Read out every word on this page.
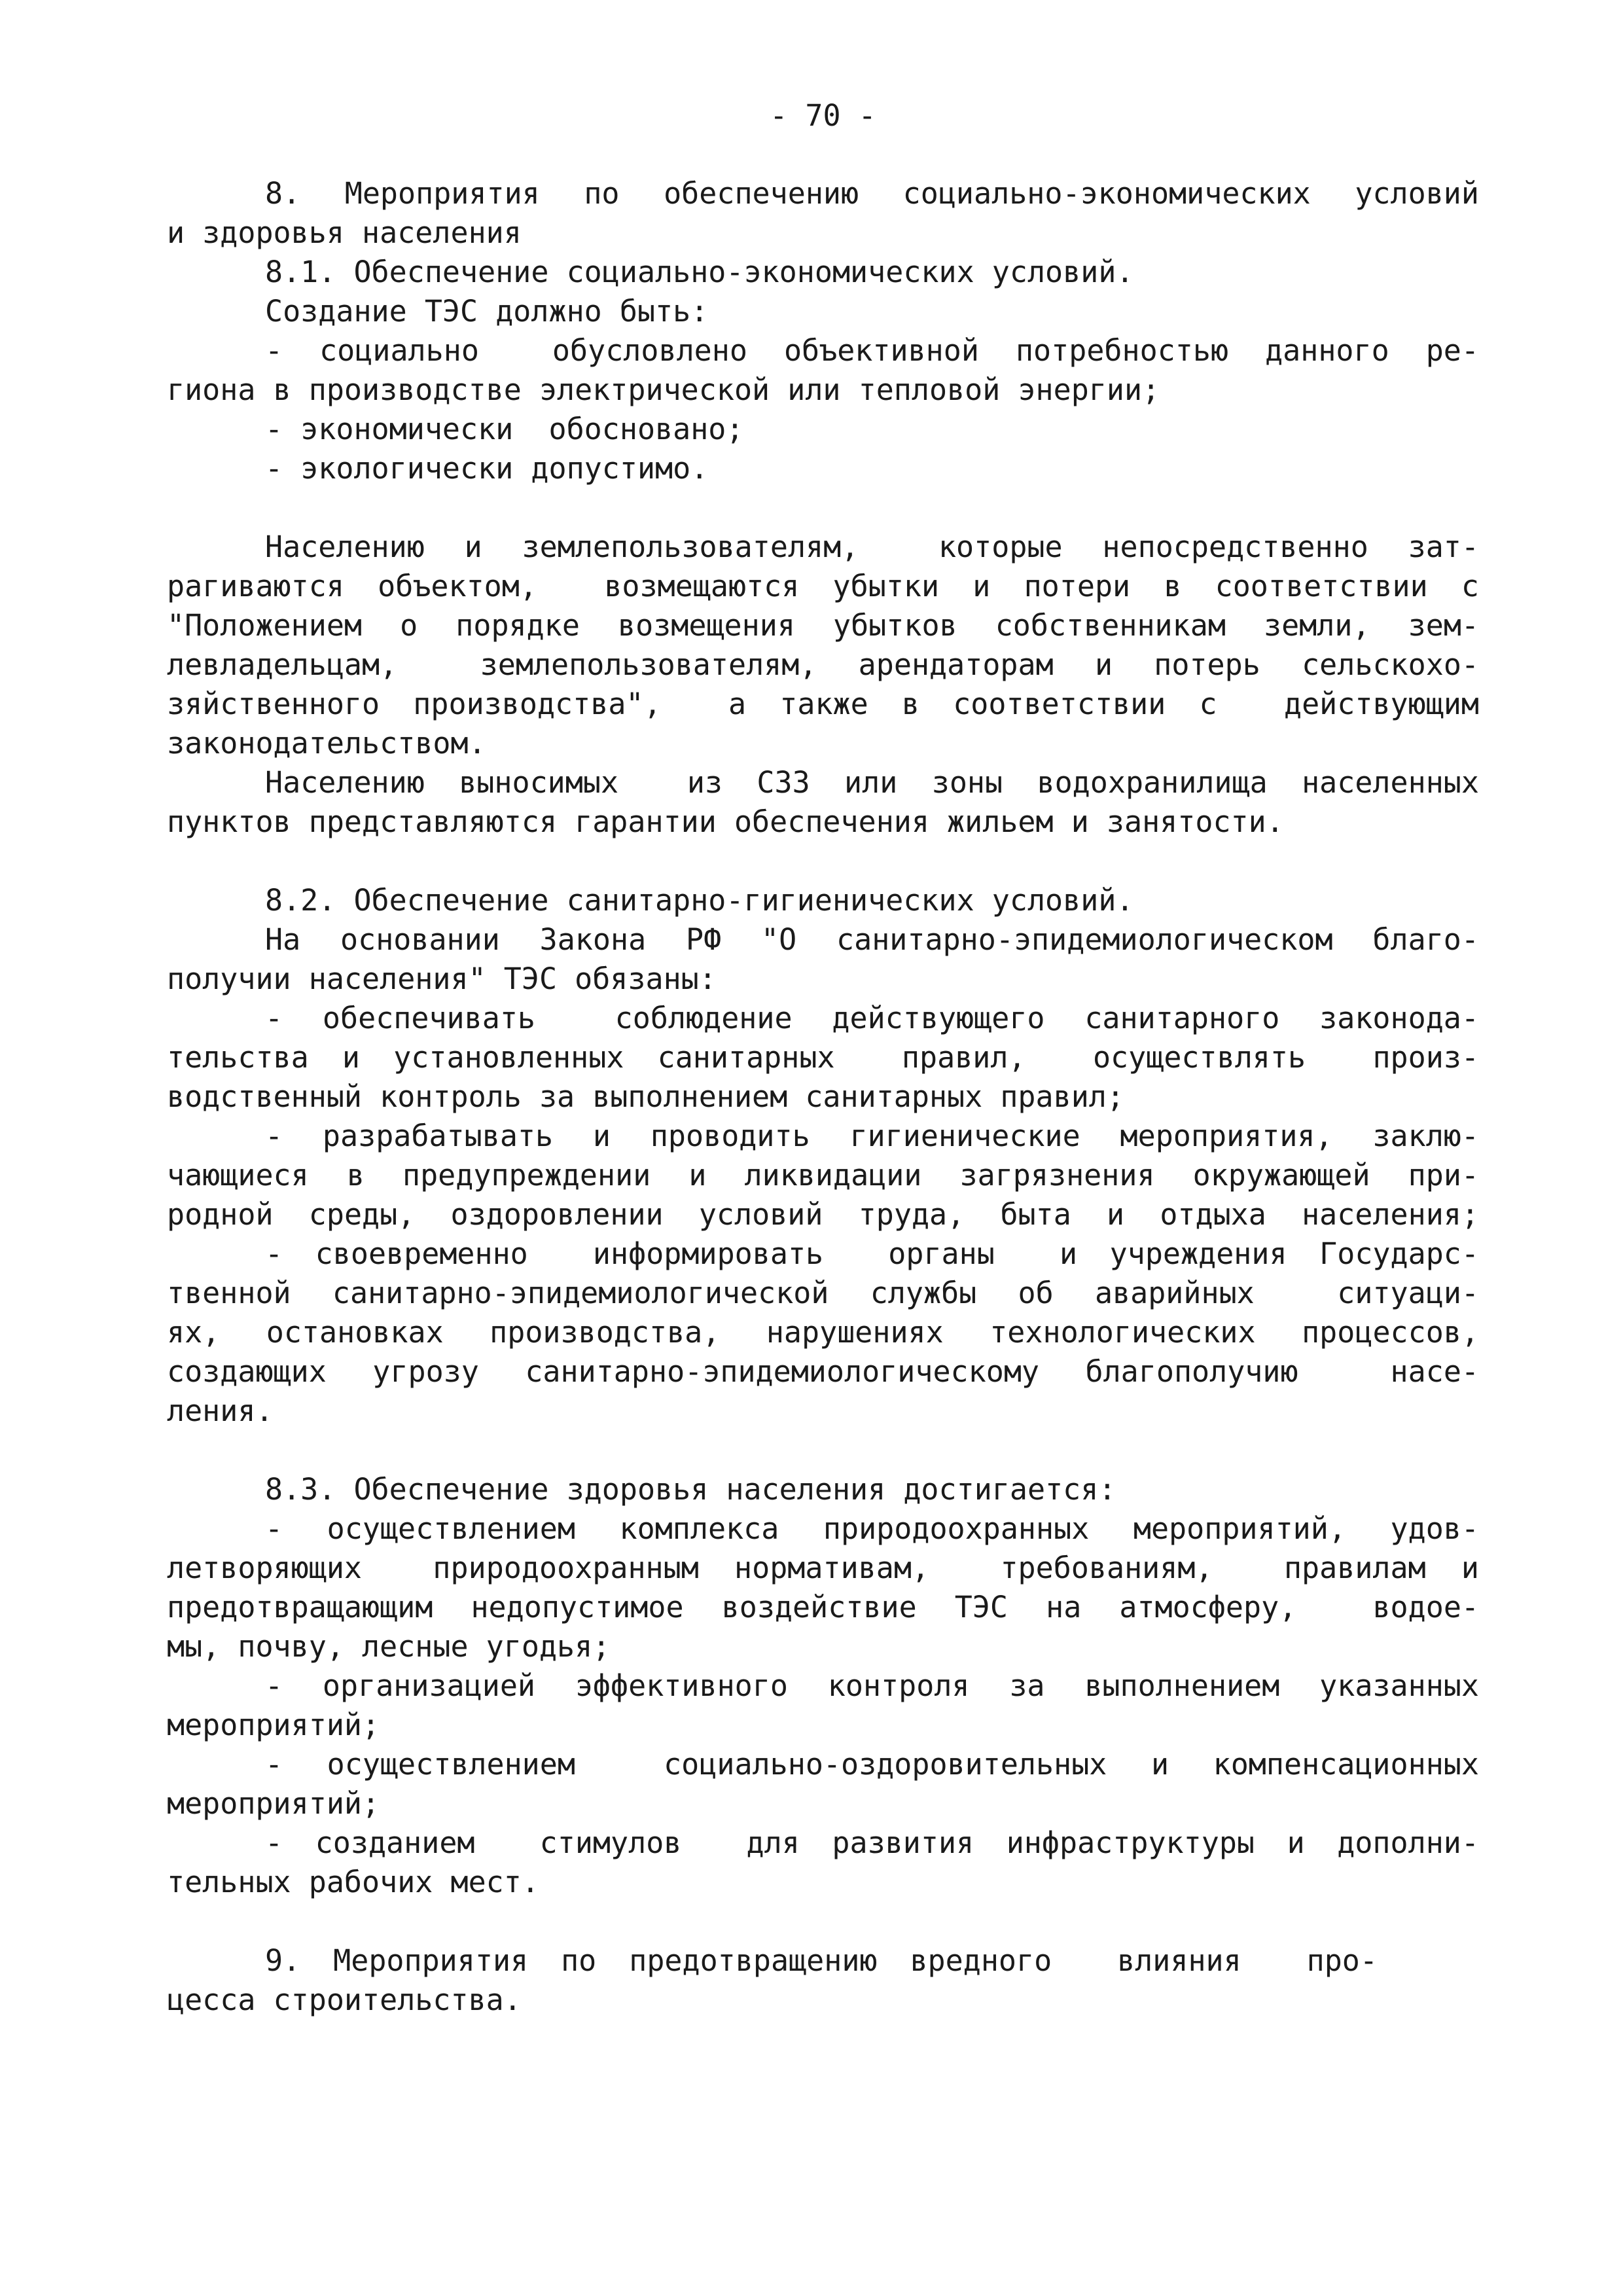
- 70 -
8. Мероприятия по обеспечению социально-экономических условий
и здоровья населения
8.1. Обеспечение социально-экономических условий.
Создание ТЭС должно быть:
- социально  обусловлено объективной потребностью данного ре-
гиона в производстве электрической или тепловой энергии;
- экономически  обосновано;
- экологически допустимо.
Населению и землепользователям,  которые непосредственно зат-
рагиваются объектом,  возмещаются убытки и потери в соответствии с
"Положением о порядке возмещения убытков собственникам земли, зем-
левладельцам,  землепользователям, арендаторам и потерь сельскохо-
зяйственного производства",  а также в соответствии с  действующим
законодательством.
Населению выносимых  из СЗЗ или зоны водохранилища населенных
пунктов представляются гарантии обеспечения жильем и занятости.
8.2. Обеспечение санитарно-гигиенических условий.
На основании Закона РФ "О санитарно-эпидемиологическом благо-
получии населения" ТЭС обязаны:
- обеспечивать  соблюдение действующего санитарного законода-
тельства и установленных санитарных  правил,  осуществлять  произ-
водственный контроль за выполнением санитарных правил;
- разрабатывать и проводить гигиенические мероприятия, заклю-
чающиеся в предупреждении и ликвидации загрязнения окружающей при-
родной среды, оздоровлении условий труда, быта и отдыха населения;
- своевременно  информировать  органы  и учреждения Государс-
твенной санитарно-эпидемиологической службы об аварийных  ситуаци-
ях, остановках производства, нарушениях технологических процессов,
создающих угрозу санитарно-эпидемиологическому благополучию  насе-
ления.
8.3. Обеспечение здоровья населения достигается:
- осуществлением комплекса природоохранных мероприятий, удов-
летворяющих  природоохранным нормативам,  требованиям,  правилам и
предотвращающим недопустимое воздействие ТЭС на атмосферу,  водое-
мы, почву, лесные угодья;
- организацией эффективного контроля за выполнением указанных
мероприятий;
- осуществлением  социально-оздоровительных и компенсационных
мероприятий;
- созданием  стимулов  для развития инфраструктуры и дополни-
тельных рабочих мест.
9. Мероприятия по предотвращению вредного  влияния  про-
цесса строительства.
